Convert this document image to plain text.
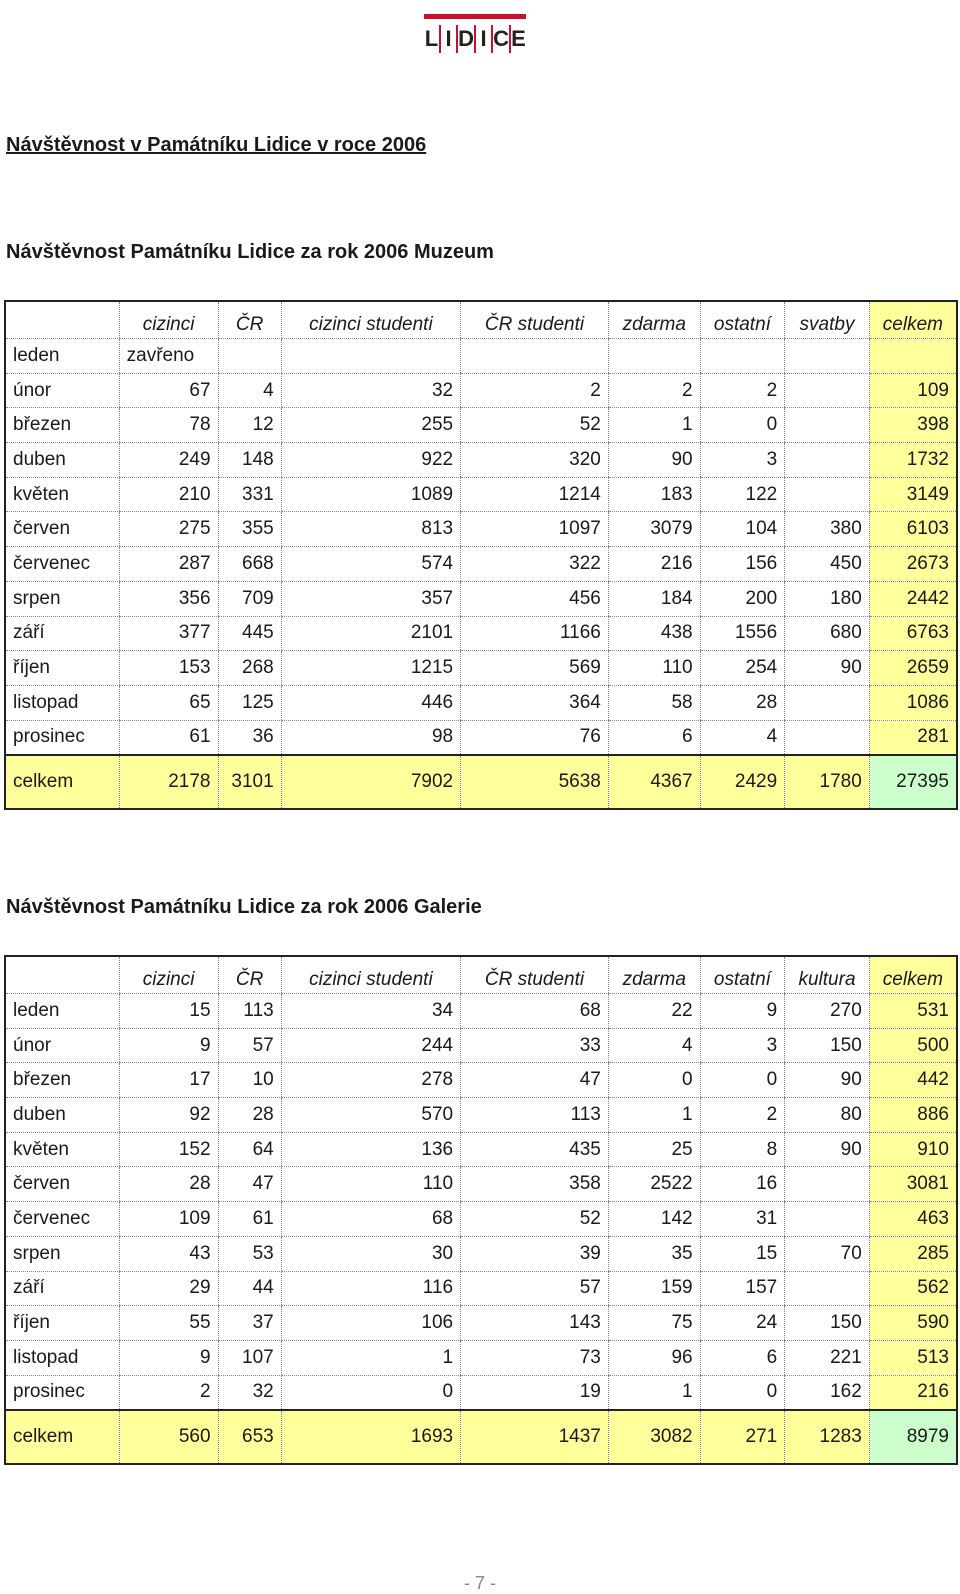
L I D I C E
Návštěvnost v Památníku Lidice v roce 2006
Návštěvnost Památníku Lidice za rok 2006 Muzeum
	cizinci	ČR	cizinci studenti	ČR studenti	zdarma	ostatní	svatby	celkem
leden	zavřeno							
únor	67	4	32	2	2	2		109
březen	78	12	255	52	1	0		398
duben	249	148	922	320	90	3		1732
květen	210	331	1089	1214	183	122		3149
červen	275	355	813	1097	3079	104	380	6103
červenec	287	668	574	322	216	156	450	2673
srpen	356	709	357	456	184	200	180	2442
září	377	445	2101	1166	438	1556	680	6763
říjen	153	268	1215	569	110	254	90	2659
listopad	65	125	446	364	58	28		1086
prosinec	61	36	98	76	6	4		281
celkem	2178	3101	7902	5638	4367	2429	1780	27395
Návštěvnost Památníku Lidice za rok 2006 Galerie
	cizinci	ČR	cizinci studenti	ČR studenti	zdarma	ostatní	kultura	celkem
leden	15	113	34	68	22	9	270	531
únor	9	57	244	33	4	3	150	500
březen	17	10	278	47	0	0	90	442
duben	92	28	570	113	1	2	80	886
květen	152	64	136	435	25	8	90	910
červen	28	47	110	358	2522	16		3081
červenec	109	61	68	52	142	31		463
srpen	43	53	30	39	35	15	70	285
září	29	44	116	57	159	157		562
říjen	55	37	106	143	75	24	150	590
listopad	9	107	1	73	96	6	221	513
prosinec	2	32	0	19	1	0	162	216
celkem	560	653	1693	1437	3082	271	1283	8979
- 7 -
